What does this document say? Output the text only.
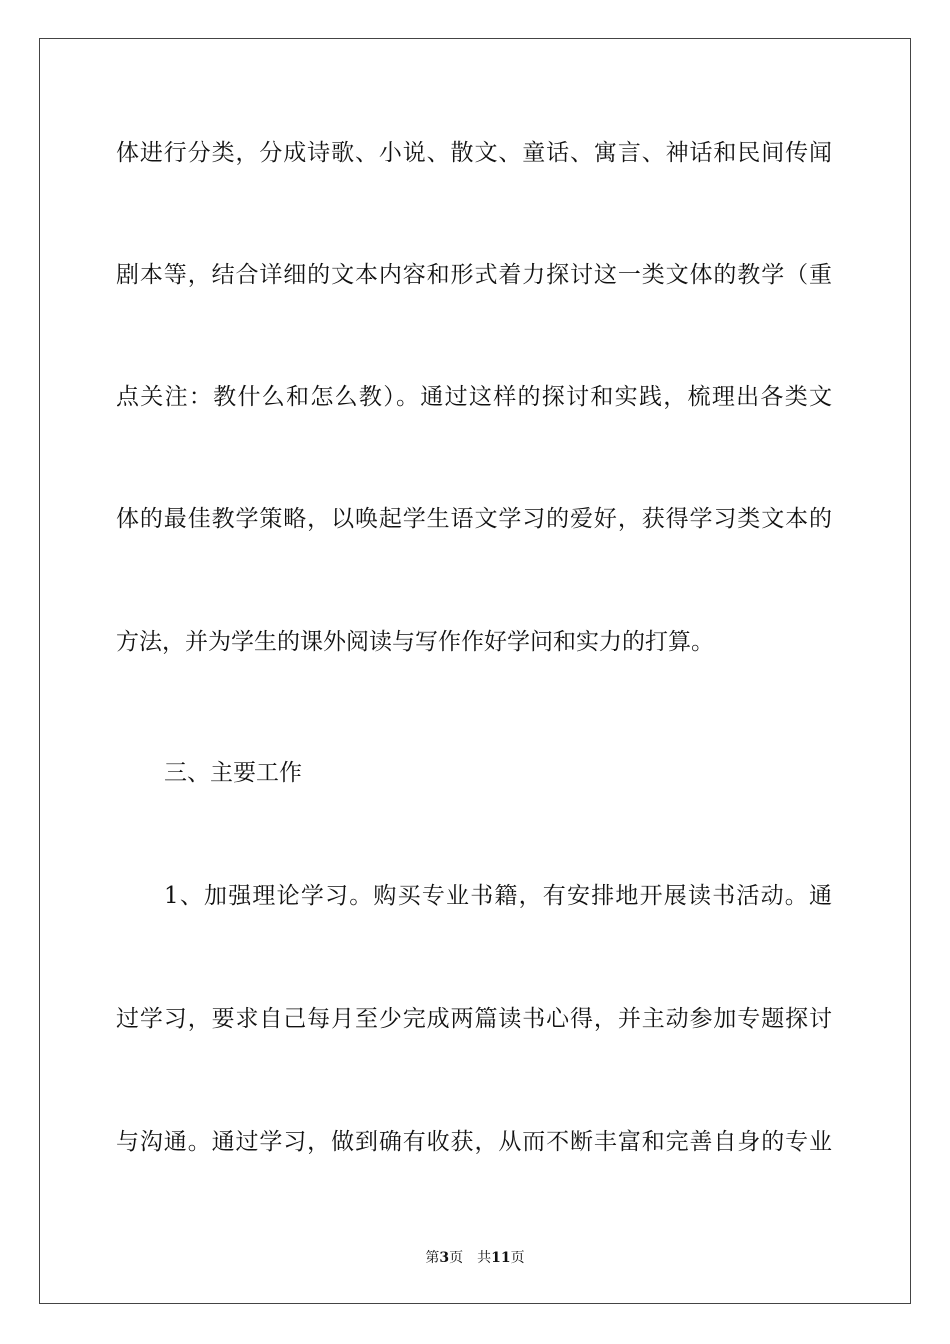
体进行分类，分成诗歌、小说、散文、童话、寓言、神话和民间传闻
剧本等，结合详细的文本内容和形式着力探讨这一类文体的教学（重
点关注：教什么和怎么教）。通过这样的探讨和实践，梳理出各类文
体的最佳教学策略，以唤起学生语文学习的爱好，获得学习类文本的
方法，并为学生的课外阅读与写作作好学问和实力的打算。
三、主要工作
1、加强理论学习。购买专业书籍，有安排地开展读书活动。通
过学习，要求自己每月至少完成两篇读书心得，并主动参加专题探讨
与沟通。通过学习，做到确有收获，从而不断丰富和完善自身的专业
第3页 共11页
